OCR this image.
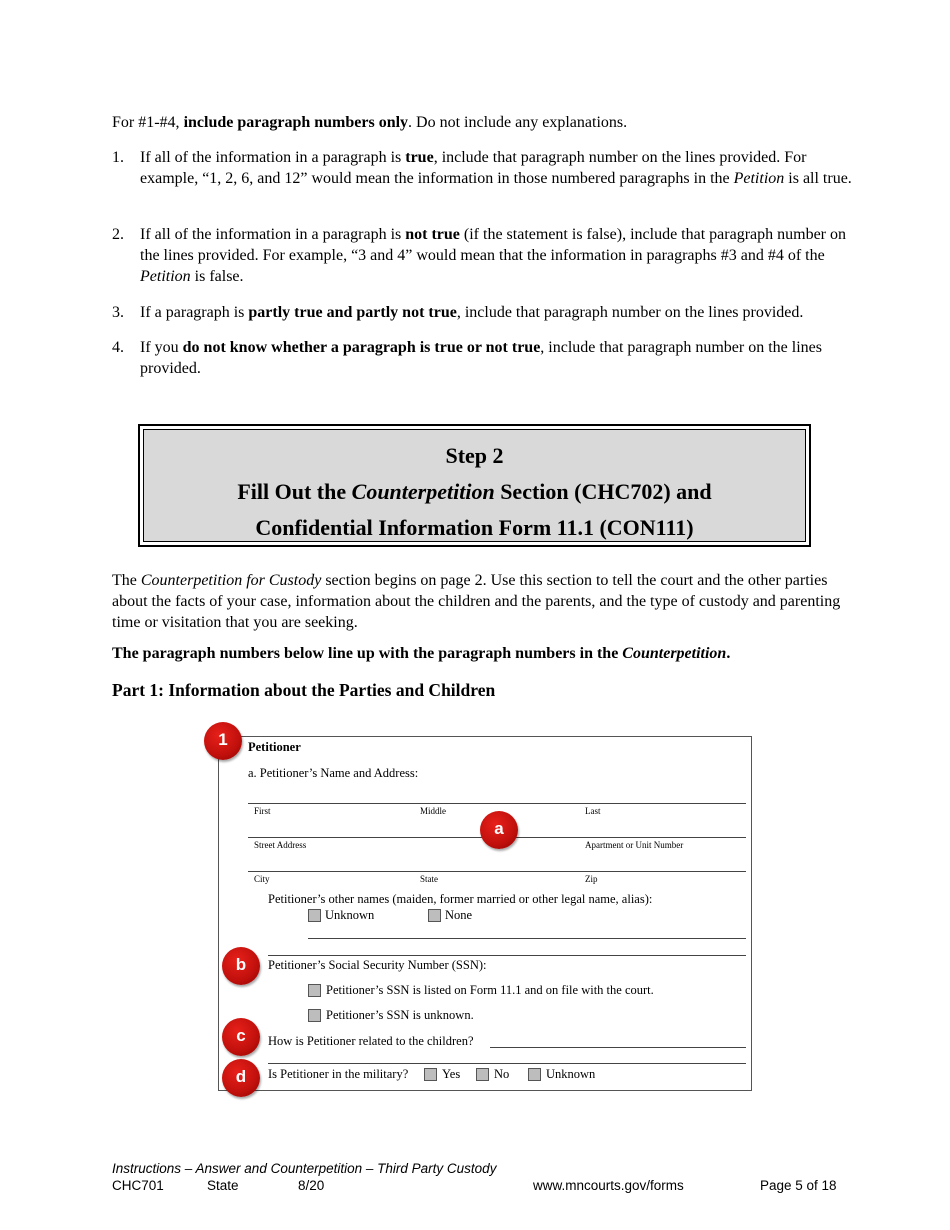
For #1-#4, include paragraph numbers only. Do not include any explanations.
1.	If all of the information in a paragraph is true, include that paragraph number on the lines provided. For example, “1, 2, 6, and 12” would mean the information in those numbered paragraphs in the Petition is all true.
2.	If all of the information in a paragraph is not true (if the statement is false), include that paragraph number on the lines provided. For example, “3 and 4” would mean that the information in paragraphs #3 and #4 of the Petition is false.
3.	If a paragraph is partly true and partly not true, include that paragraph number on the lines provided.
4.	If you do not know whether a paragraph is true or not true, include that paragraph number on the lines provided.
Step 2
Fill Out the Counterpetition Section (CHC702) and
Confidential Information Form 11.1 (CON111)
The Counterpetition for Custody section begins on page 2. Use this section to tell the court and the other parties about the facts of your case, information about the children and the parents, and the type of custody and parenting time or visitation that you are seeking.
The paragraph numbers below line up with the paragraph numbers in the Counterpetition.
Part 1: Information about the Parties and Children
Petitioner
a. Petitioner’s Name and Address:
First	Middle	Last
Street Address	Apartment or Unit Number
City	State	Zip
Petitioner’s other names (maiden, former married or other legal name, alias):
Unknown	None
Petitioner’s Social Security Number (SSN):
Petitioner’s SSN is listed on Form 11.1 and on file with the court.
Petitioner’s SSN is unknown.
How is Petitioner related to the children?
Is Petitioner in the military?	Yes	No	Unknown
1
a
b
c
d
Instructions – Answer and Counterpetition – Third Party Custody
CHC701	State	8/20	www.mncourts.gov/forms	Page 5 of 18
